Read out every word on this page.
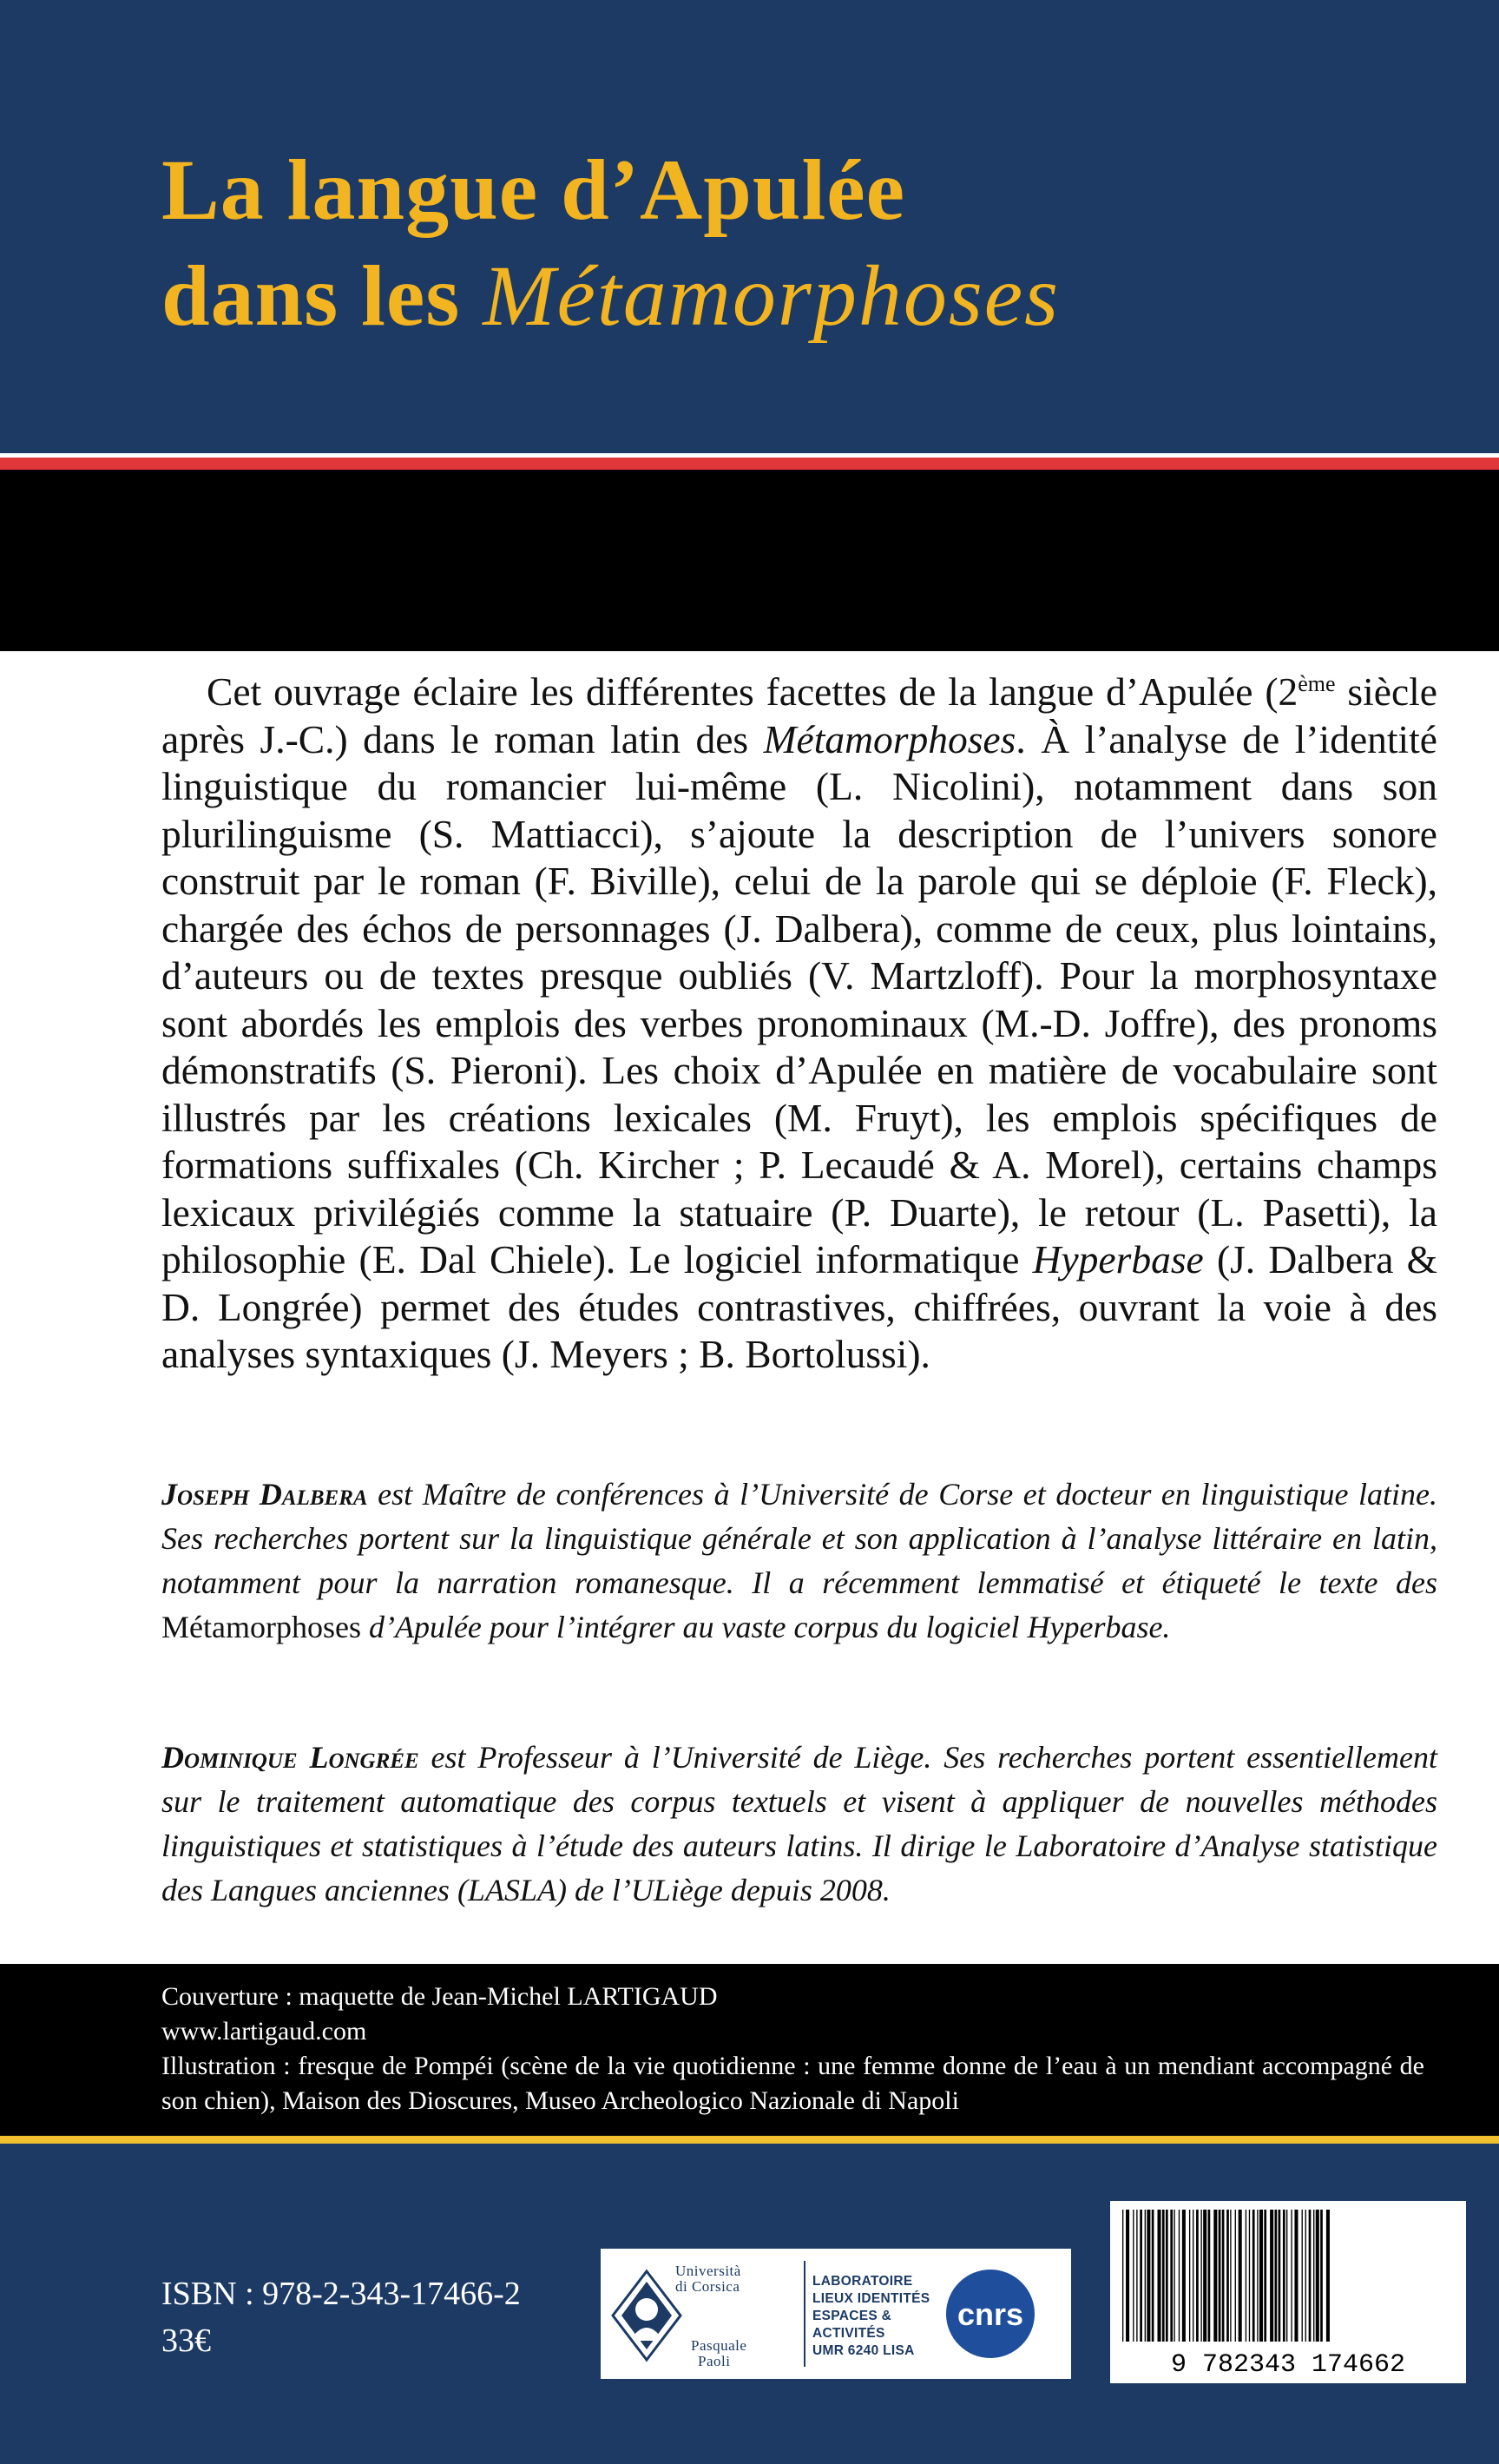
La langue d’Apulée
dans les Métamorphoses

Cet ouvrage éclaire les différentes facettes de la langue d’Apulée (2ème siècle après J.-C.) dans le roman latin des Métamorphoses. À l’analyse de l’identité linguistique du romancier lui-même (L. Nicolini), notamment dans son plurilinguisme (S. Mattiacci), s’ajoute la description de l’univers sonore construit par le roman (F. Biville), celui de la parole qui se déploie (F. Fleck), chargée des échos de personnages (J. Dalbera), comme de ceux, plus lointains, d’auteurs ou de textes presque oubliés (V. Martzloff). Pour la morphosyntaxe sont abordés les emplois des verbes pronominaux (M.-D. Joffre), des pronoms démonstratifs (S. Pieroni). Les choix d’Apulée en matière de vocabulaire sont illustrés par les créations lexicales (M. Fruyt), les emplois spécifiques de formations suffixales (Ch. Kircher ; P. Lecaudé & A. Morel), certains champs lexicaux privilégiés comme la statuaire (P. Duarte), le retour (L. Pasetti), la philosophie (E. Dal Chiele). Le logiciel informatique Hyperbase (J. Dalbera & D. Longrée) permet des études contrastives, chiffrées, ouvrant la voie à des analyses syntaxiques (J. Meyers ; B. Bortolussi).

Joseph Dalbera est Maître de conférences à l’Université de Corse et docteur en linguistique latine. Ses recherches portent sur la linguistique générale et son application à l’analyse littéraire en latin, notamment pour la narration romanesque. Il a récemment lemmatisé et étiqueté le texte des Métamorphoses d’Apulée pour l’intégrer au vaste corpus du logiciel Hyperbase.

Dominique Longrée est Professeur à l’Université de Liège. Ses recherches portent essentiellement sur le traitement automatique des corpus textuels et visent à appliquer de nouvelles méthodes linguistiques et statistiques à l’étude des auteurs latins. Il dirige le Laboratoire d’Analyse statistique des Langues anciennes (LASLA) de l’ULiège depuis 2008.

Couverture : maquette de Jean-Michel LARTIGAUD
www.lartigaud.com
Illustration : fresque de Pompéi (scène de la vie quotidienne : une femme donne de l’eau à un mendiant accompagné de son chien), Maison des Dioscures, Museo Archeologico Nazionale di Napoli
ISBN : 978-2-343-17466-2
33€
Università
di Corsica
Pasquale
Paoli
LABORATOIRE
LIEUX IDENTITÉS
ESPACES & ACTIVITÉS
UMR 6240 LISA
cnrs
9 782343 174662
